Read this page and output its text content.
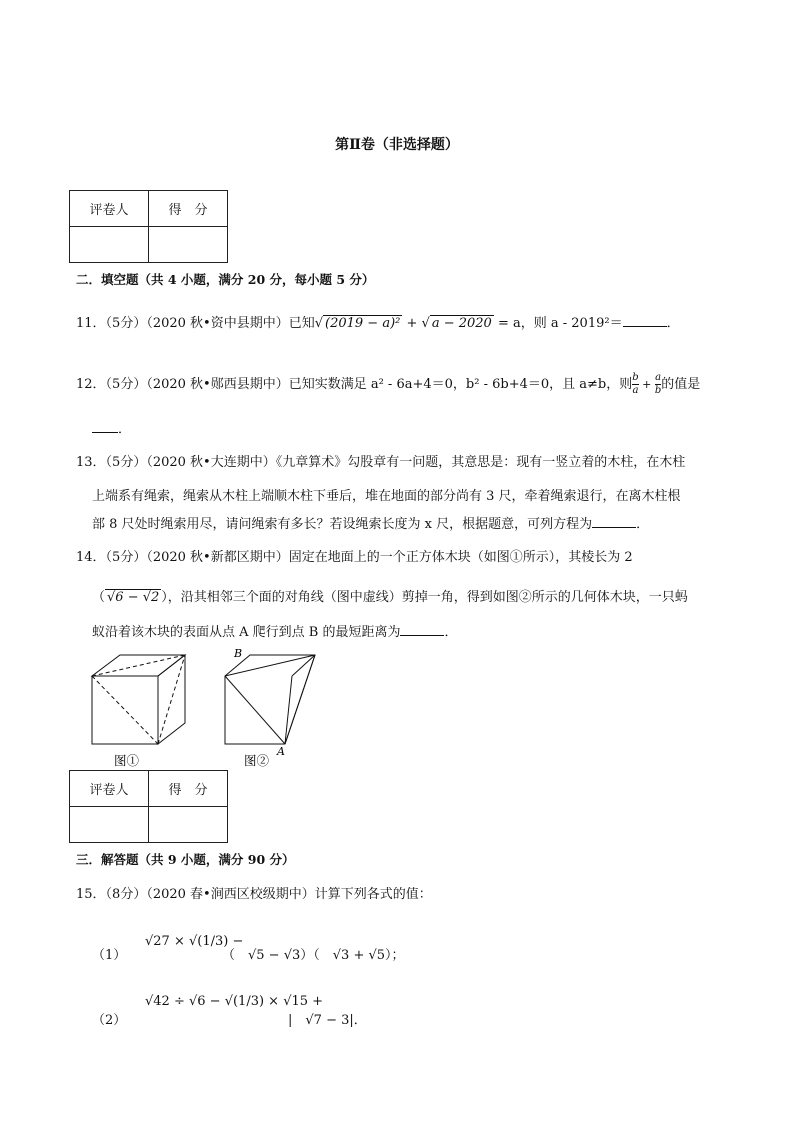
第Ⅱ卷（非选择题）
评卷人	得　分

二．填空题（共 4 小题，满分 20 分，每小题 5 分）
11．（5分）（2020 秋•资中县期中）已知√ (2019 − a)² + √ a − 2020 = a，则 a - 2019²＝	．
12．（5分）（2020 秋•郧西县期中）已知实数满足 a² - 6a+4＝0，b² - 6b+4＝0，且 a≠b，则 $\frac{b}{a} + \frac{a}{b}$ 的值是
．
13．（5分）（2020 秋•大连期中）《九章算术》勾股章有一问题，其意思是：现有一竖立着的木柱，在木柱
上端系有绳索，绳索从木柱上端顺木柱下垂后，堆在地面的部分尚有 3 尺，牵着绳索退行，在离木柱根
部 8 尺处时绳索用尽，请问绳索有多长？若设绳索长度为 x 尺，根据题意，可列方程为	．
14．（5分）（2020 秋•新都区期中）固定在地面上的一个正方体木块（如图①所示），其棱长为 2
（ √6 − √2 ），沿其相邻三个面的对角线（图中虚线）剪掉一角，得到如图②所示的几何体木块，一只蚂
蚁沿着该木块的表面从点 A 爬行到点 B 的最短距离为	．
B
A
图①	图②
评卷人	得　分

三．解答题（共 9 小题，满分 90 分）
15．（8分）（2020 春•涧西区校级期中）计算下列各式的值：
（1）
√27 × √(1/3) −
（　√5 − √3）（　√3 + √5）；
（2）
√42 ÷ √6 − √(1/3) × √15 +
|　√7 − 3|．
